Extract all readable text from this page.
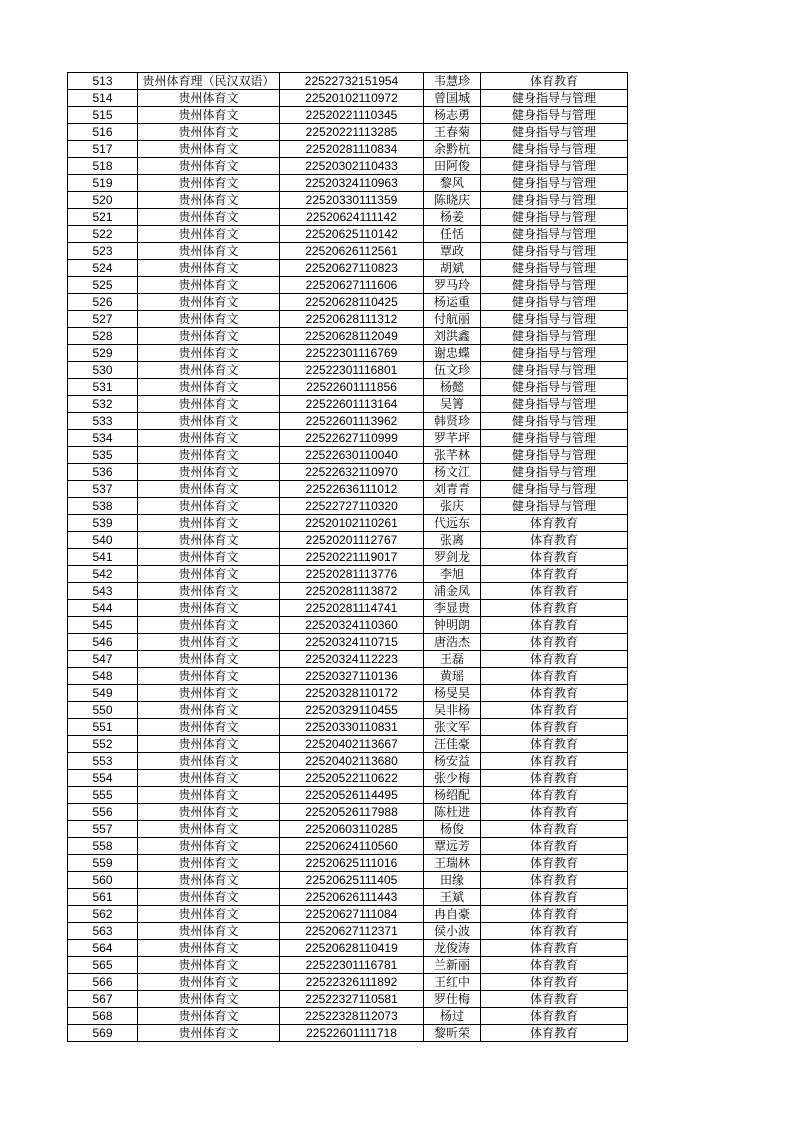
513	贵州体育理（民汉双语）	22522732151954	韦慧珍	体育教育
514	贵州体育文	22520102110972	曾国城	健身指导与管理
515	贵州体育文	22520221110345	杨志勇	健身指导与管理
516	贵州体育文	22520221113285	王春菊	健身指导与管理
517	贵州体育文	22520281110834	余黔杭	健身指导与管理
518	贵州体育文	22520302110433	田阿俊	健身指导与管理
519	贵州体育文	22520324110963	黎风	健身指导与管理
520	贵州体育文	22520330111359	陈晓庆	健身指导与管理
521	贵州体育文	22520624111142	杨姜	健身指导与管理
522	贵州体育文	22520625110142	任恬	健身指导与管理
523	贵州体育文	22520626112561	覃政	健身指导与管理
524	贵州体育文	22520627110823	胡斌	健身指导与管理
525	贵州体育文	22520627111606	罗马玲	健身指导与管理
526	贵州体育文	22520628110425	杨运重	健身指导与管理
527	贵州体育文	22520628111312	付航丽	健身指导与管理
528	贵州体育文	22520628112049	刘洪鑫	健身指导与管理
529	贵州体育文	22522301116769	谢忠蝶	健身指导与管理
530	贵州体育文	22522301116801	伍文珍	健身指导与管理
531	贵州体育文	22522601111856	杨懿	健身指导与管理
532	贵州体育文	22522601113164	吴箐	健身指导与管理
533	贵州体育文	22522601113962	韩贤珍	健身指导与管理
534	贵州体育文	22522627110999	罗芊坪	健身指导与管理
535	贵州体育文	22522630110040	张芊林	健身指导与管理
536	贵州体育文	22522632110970	杨文江	健身指导与管理
537	贵州体育文	22522636111012	刘青青	健身指导与管理
538	贵州体育文	22522727110320	张庆	健身指导与管理
539	贵州体育文	22520102110261	代远东	体育教育
540	贵州体育文	22520201112767	张离	体育教育
541	贵州体育文	22520221119017	罗剑龙	体育教育
542	贵州体育文	22520281113776	李旭	体育教育
543	贵州体育文	22520281113872	浦金凤	体育教育
544	贵州体育文	22520281114741	李显贵	体育教育
545	贵州体育文	22520324110360	钟明朗	体育教育
546	贵州体育文	22520324110715	唐浩杰	体育教育
547	贵州体育文	22520324112223	王磊	体育教育
548	贵州体育文	22520327110136	黄瑶	体育教育
549	贵州体育文	22520328110172	杨旻昊	体育教育
550	贵州体育文	22520329110455	吴非杨	体育教育
551	贵州体育文	22520330110831	张文军	体育教育
552	贵州体育文	22520402113667	汪佳豪	体育教育
553	贵州体育文	22520402113680	杨安益	体育教育
554	贵州体育文	22520522110622	张少梅	体育教育
555	贵州体育文	22520526114495	杨绍配	体育教育
556	贵州体育文	22520526117988	陈杜进	体育教育
557	贵州体育文	22520603110285	杨俊	体育教育
558	贵州体育文	22520624110560	覃远芳	体育教育
559	贵州体育文	22520625111016	王瑞林	体育教育
560	贵州体育文	22520625111405	田缘	体育教育
561	贵州体育文	22520626111443	王斌	体育教育
562	贵州体育文	22520627111084	冉自豪	体育教育
563	贵州体育文	22520627112371	侯小波	体育教育
564	贵州体育文	22520628110419	龙俊涛	体育教育
565	贵州体育文	22522301116781	兰新丽	体育教育
566	贵州体育文	22522326111892	王红中	体育教育
567	贵州体育文	22522327110581	罗仕梅	体育教育
568	贵州体育文	22522328112073	杨过	体育教育
569	贵州体育文	22522601111718	黎昕荣	体育教育
